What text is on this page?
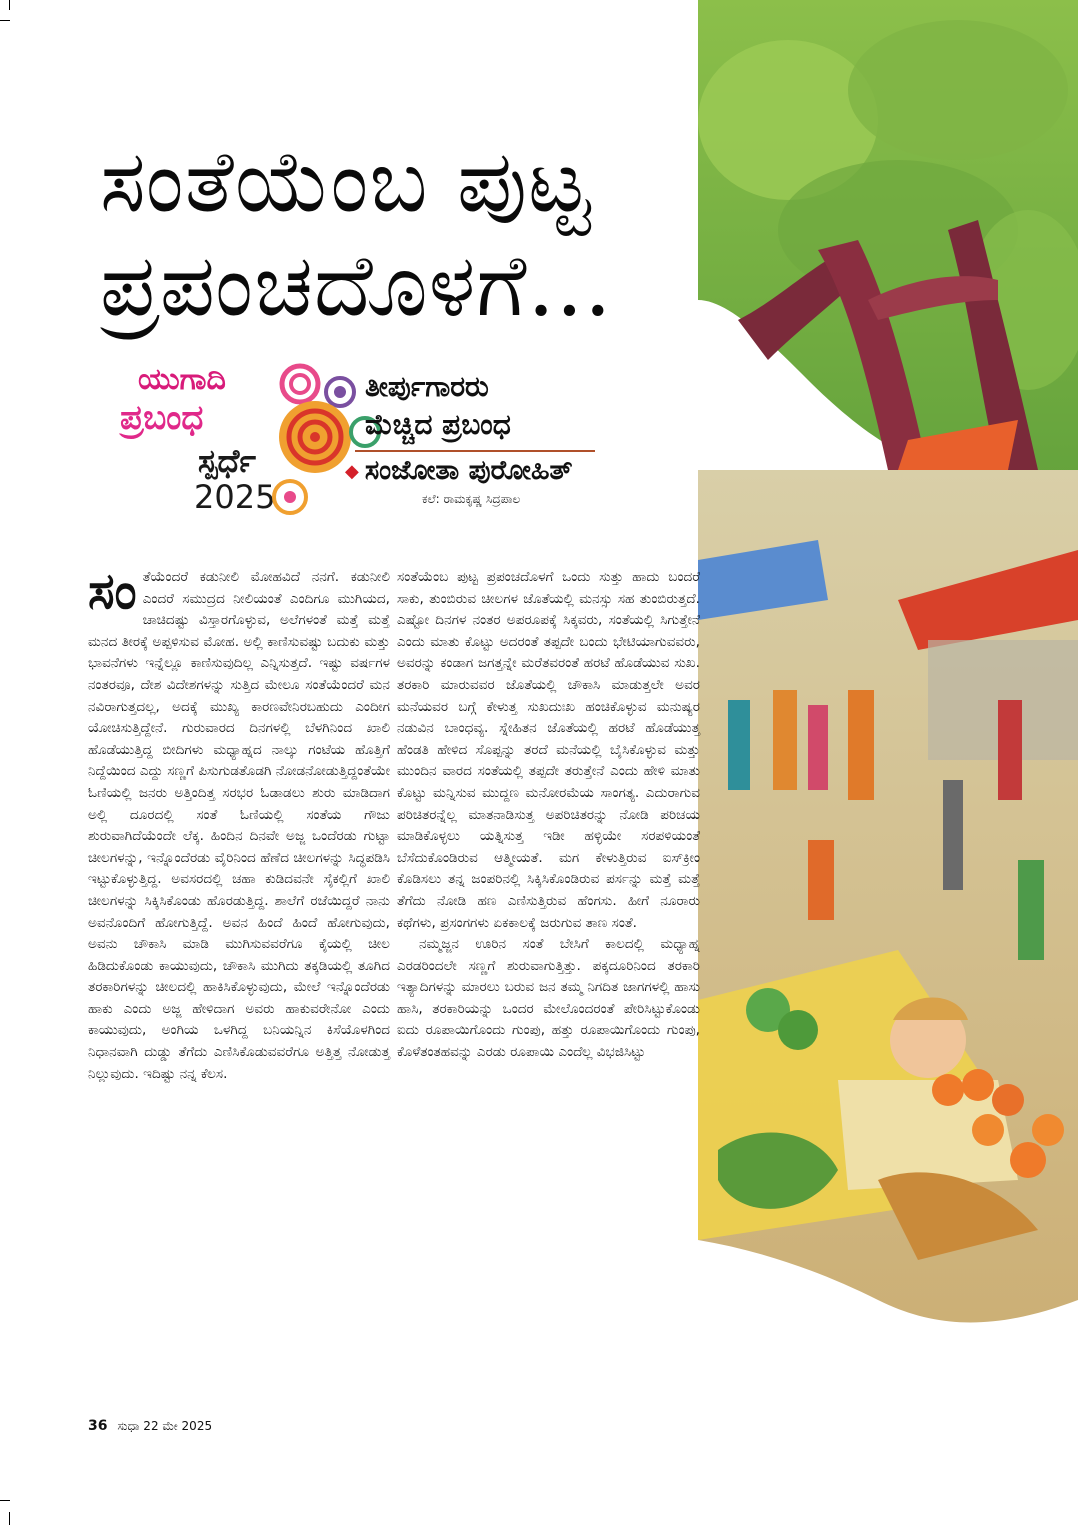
ಸಂತೆಯೆಂಬ ಪುಟ್ಟ
ಪ್ರಪಂಚದೊಳಗೆ...
ಯುಗಾದಿ
ಪ್ರಬಂಧ
ಸ್ಪರ್ಧೆ
2025
ತೀರ್ಪುಗಾರರು
ಮೆಚ್ಚಿದ ಪ್ರಬಂಧ
◆ ಸಂಜೋತಾ ಪುರೋಹಿತ್
ಕಲೆ: ರಾಮಕೃಷ್ಣ ಸಿದ್ರಪಾಲ

ಸಂತೆಯೆಂದರೆ ಕಡುನೀಲಿ ಮೋಹವಿದೆ ನನಗೆ. ಕಡುನೀಲಿ ಎಂದರೆ ಸಮುದ್ರದ ನೀಲಿಯಂತೆ ಎಂದಿಗೂ ಮುಗಿಯದ, ಚಾಚಿದಷ್ಟು ವಿಸ್ತಾರಗೊಳ್ಳುವ, ಅಲೆಗಳಂತೆ ಮತ್ತೆ ಮತ್ತೆ ಮನದ ತೀರಕ್ಕೆ ಅಪ್ಪಳಿಸುವ ಮೋಹ. ಅಲ್ಲಿ ಕಾಣಿಸುವಷ್ಟು ಬದುಕು ಮತ್ತು ಭಾವನೆಗಳು ಇನ್ನೆಲ್ಲೂ ಕಾಣಿಸುವುದಿಲ್ಲ ಎನ್ನಿಸುತ್ತದೆ. ಇಷ್ಟು ವರ್ಷಗಳ ನಂತರವೂ, ದೇಶ ವಿದೇಶಗಳನ್ನು ಸುತ್ತಿದ ಮೇಲೂ ಸಂತೆಯೆಂದರೆ ಮನ ನವಿರಾಗುತ್ತದಲ್ಲ, ಅದಕ್ಕೆ ಮುಖ್ಯ ಕಾರಣವೇನಿರಬಹುದು ಎಂದೀಗ ಯೋಚಿಸುತ್ತಿದ್ದೇನೆ. ಗುರುವಾರದ ದಿನಗಳಲ್ಲಿ ಬೆಳಗಿನಿಂದ ಖಾಲಿ ಹೊಡೆಯುತ್ತಿದ್ದ ಬೀದಿಗಳು ಮಧ್ಯಾಹ್ನದ ನಾಲ್ಕು ಗಂಟೆಯ ಹೊತ್ತಿಗೆ ನಿದ್ದೆಯಿಂದ ಎದ್ದು ಸಣ್ಣಗೆ ಪಿಸುಗುಡತೊಡಗಿ ನೋಡನೋಡುತ್ತಿದ್ದಂತೆಯೇ ಓಣಿಯಲ್ಲಿ ಜನರು ಅತ್ತಿಂದಿತ್ತ ಸರಭರ ಓಡಾಡಲು ಶುರು ಮಾಡಿದಾಗ ಅಲ್ಲಿ ದೂರದಲ್ಲಿ ಸಂತೆ ಓಣಿಯಲ್ಲಿ ಸಂತೆಯ ಗೌಜು ಶುರುವಾಗಿದೆಯೆಂದೇ ಲೆಕ್ಕ. ಹಿಂದಿನ ದಿನವೇ ಅಜ್ಜ ಒಂದೆರಡು ಗುಟ್ಟಾ ಚೀಲಗಳನ್ನು, ಇನ್ನೊಂದೆರಡು ವೈರಿನಿಂದ ಹೆಣೆದ ಚೀಲಗಳನ್ನು ಸಿದ್ಧಪಡಿಸಿ ಇಟ್ಟುಕೊಳ್ಳುತ್ತಿದ್ದ. ಅವಸರದಲ್ಲಿ ಚಹಾ ಕುಡಿದವನೇ ಸೈಕಲ್ಲಿಗೆ ಖಾಲಿ ಚೀಲಗಳನ್ನು ಸಿಕ್ಕಿಸಿಕೊಂಡು ಹೊರಡುತ್ತಿದ್ದ. ಶಾಲೆಗೆ ರಜೆಯಿದ್ದರೆ ನಾನು ಅವನೊಂದಿಗೆ ಹೋಗುತ್ತಿದ್ದೆ. ಅವನ ಹಿಂದೆ ಹಿಂದೆ ಹೋಗುವುದು, ಅವನು ಚೌಕಾಸಿ ಮಾಡಿ ಮುಗಿಸುವವರೆಗೂ ಕೈಯಲ್ಲಿ ಚೀಲ ಹಿಡಿದುಕೊಂಡು ಕಾಯುವುದು, ಚೌಕಾಸಿ ಮುಗಿದು ತಕ್ಕಡಿಯಲ್ಲಿ ತೂಗಿದ ತರಕಾರಿಗಳನ್ನು ಚೀಲದಲ್ಲಿ ಹಾಕಿಸಿಕೊಳ್ಳುವುದು, ಮೇಲೆ ಇನ್ನೊಂದೆರಡು ಹಾಕು ಎಂದು ಅಜ್ಜ ಹೇಳಿದಾಗ ಅವರು ಹಾಕುವರೇನೋ ಎಂದು ಕಾಯುವುದು, ಅಂಗಿಯ ಒಳಗಿದ್ದ ಬನಿಯನ್ನಿನ ಕಿಸೆಯೊಳಗಿಂದ ನಿಧಾನವಾಗಿ ದುಡ್ಡು ತೆಗೆದು ಎಣಿಸಿಕೊಡುವವರೆಗೂ ಅತ್ತಿತ್ತ ನೋಡುತ್ತ ನಿಲ್ಲುವುದು. ಇದಿಷ್ಟು ನನ್ನ ಕೆಲಸ.

ಸಂತೆಯೆಂಬ ಪುಟ್ಟ ಪ್ರಪಂಚದೊಳಗೆ ಒಂದು ಸುತ್ತು ಹಾದು ಬಂದರೆ ಸಾಕು, ತುಂಬಿರುವ ಚೀಲಗಳ ಜೊತೆಯಲ್ಲಿ ಮನಸ್ಸು ಸಹ ತುಂಬಿರುತ್ತದೆ. ಎಷ್ಟೋ ದಿನಗಳ ನಂತರ ಅಪರೂಪಕ್ಕೆ ಸಿಕ್ಕವರು, ಸಂತೆಯಲ್ಲಿ ಸಿಗುತ್ತೇನೆ ಎಂದು ಮಾತು ಕೊಟ್ಟು ಅದರಂತೆ ತಪ್ಪದೇ ಬಂದು ಭೇಟಿಯಾಗುವವರು, ಅವರನ್ನು ಕಂಡಾಗ ಜಗತ್ತನ್ನೇ ಮರೆತವರಂತೆ ಹರಟೆ ಹೊಡೆಯುವ ಸುಖ. ತರಕಾರಿ ಮಾರುವವರ ಜೊತೆಯಲ್ಲಿ ಚೌಕಾಸಿ ಮಾಡುತ್ತಲೇ ಅವರ ಮನೆಯವರ ಬಗ್ಗೆ ಕೇಳುತ್ತ ಸುಖದುಃಖ ಹಂಚಿಕೊಳ್ಳುವ ಮನುಷ್ಯರ ನಡುವಿನ ಬಾಂಧವ್ಯ. ಸ್ನೇಹಿತನ ಜೊತೆಯಲ್ಲಿ ಹರಟೆ ಹೊಡೆಯುತ್ತ ಹೆಂಡತಿ ಹೇಳಿದ ಸೊಪ್ಪನ್ನು ತರದೆ ಮನೆಯಲ್ಲಿ ಬೈಸಿಕೊಳ್ಳುವ ಮತ್ತು ಮುಂದಿನ ವಾರದ ಸಂತೆಯಲ್ಲಿ ತಪ್ಪದೇ ತರುತ್ತೇನೆ ಎಂದು ಹೇಳಿ ಮಾತು ಕೊಟ್ಟು ಮನ್ನಿಸುವ ಮುದ್ದಣ ಮನೋರಮೆಯ ಸಾಂಗತ್ಯ. ಎದುರಾಗುವ ಪರಿಚಿತರನ್ನೆಲ್ಲ ಮಾತನಾಡಿಸುತ್ತ ಅಪರಿಚಿತರನ್ನು ನೋಡಿ ಪರಿಚಯ ಮಾಡಿಕೊಳ್ಳಲು ಯತ್ನಿಸುತ್ತ ಇಡೀ ಹಳ್ಳಿಯೇ ಸರಪಳಿಯಂತೆ ಬೆಸೆದುಕೊಂಡಿರುವ ಆತ್ಮೀಯತೆ. ಮಗ ಕೇಳುತ್ತಿರುವ ಐಸ್‌ಕ್ರೀಂ ಕೊಡಿಸಲು ತನ್ನ ಜಂಪರಿನಲ್ಲಿ ಸಿಕ್ಕಿಸಿಕೊಂಡಿರುವ ಪರ್ಸನ್ನು ಮತ್ತೆ ಮತ್ತೆ ತೆಗೆದು ನೋಡಿ ಹಣ ಎಣಿಸುತ್ತಿರುವ ಹೆಂಗಸು. ಹೀಗೆ ನೂರಾರು ಕಥೆಗಳು, ಪ್ರಸಂಗಗಳು ಏಕಕಾಲಕ್ಕೆ ಜರುಗುವ ತಾಣ ಸಂತೆ.

ನಮ್ಮಜ್ಜನ ಊರಿನ ಸಂತೆ ಬೇಸಿಗೆ ಕಾಲದಲ್ಲಿ ಮಧ್ಯಾಹ್ನ ಎರಡರಿಂದಲೇ ಸಣ್ಣಗೆ ಶುರುವಾಗುತ್ತಿತ್ತು. ಪಕ್ಕದೂರಿನಿಂದ ತರಕಾರಿ ಇತ್ಯಾದಿಗಳನ್ನು ಮಾರಲು ಬರುವ ಜನ ತಮ್ಮ ನಿಗದಿತ ಜಾಗಗಳಲ್ಲಿ ಹಾಸು ಹಾಸಿ, ತರಕಾರಿಯನ್ನು ಒಂದರ ಮೇಲೊಂದರಂತೆ ಪೇರಿಸಿಟ್ಟುಕೊಂಡು ಐದು ರೂಪಾಯಿಗೊಂದು ಗುಂಪು, ಹತ್ತು ರೂಪಾಯಿಗೊಂದು ಗುಂಪು, ಕೊಳೆತಂತಹವನ್ನು ಎರಡು ರೂಪಾಯಿ ಎಂದೆಲ್ಲ ವಿಭಜಿಸಿಟ್ಟು

36 ಸುಧಾ 22 ಮೇ 2025
